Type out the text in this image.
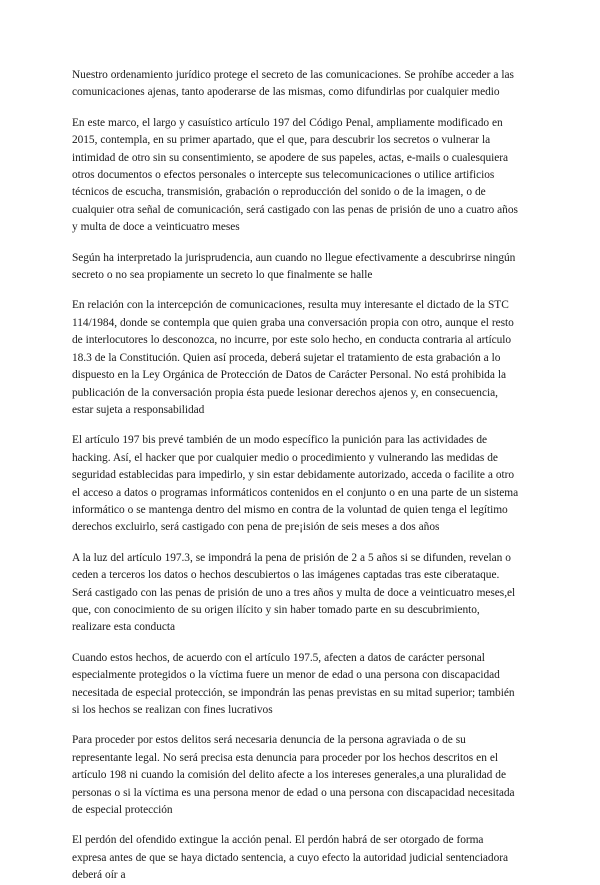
Nuestro ordenamiento jurídico protege el secreto de las comunicaciones. Se prohíbe acceder a las comunicaciones ajenas, tanto apoderarse de las mismas, como difundirlas por cualquier medio

En este marco, el largo y casuístico artículo 197 del Código Penal, ampliamente modificado en 2015, contempla, en su primer apartado, que el que, para descubrir los secretos o vulnerar la intimidad de otro sin su consentimiento, se apodere de sus papeles, actas, e-mails o cualesquiera otros documentos o efectos personales o intercepte sus telecomunicaciones o utilice artificios técnicos de escucha, transmisión, grabación o reproducción del sonido o de la imagen, o de cualquier otra señal de comunicación, será castigado con las penas de prisión de uno a cuatro años y multa de doce a veinticuatro meses

Según ha interpretado la jurisprudencia, aun cuando no llegue efectivamente a descubrirse ningún secreto o no sea propiamente un secreto lo que finalmente se halle

En relación con la intercepción de comunicaciones, resulta muy interesante el dictado de la STC 114/1984, donde se contempla que quien graba una conversación propia con otro, aunque el resto de interlocutores lo desconozca, no incurre, por este solo hecho, en conducta contraria al artículo 18.3 de la Constitución. Quien así proceda, deberá sujetar el tratamiento de esta grabación a lo dispuesto en la Ley Orgánica de Protección de Datos de Carácter Personal. No está prohibida la publicación de la conversación propia ésta puede lesionar derechos ajenos y, en consecuencia, estar sujeta a responsabilidad

El artículo 197 bis prevé también de un modo específico la punición para las actividades de hacking. Así, el hacker que por cualquier medio o procedimiento y vulnerando las medidas de seguridad establecidas para impedirlo, y sin estar debidamente autorizado, acceda o facilite a otro el acceso a datos o programas informáticos contenidos en el conjunto o en una parte de un sistema informático o se mantenga dentro del mismo en contra de la voluntad de quien tenga el legítimo derechos excluirlo, será castigado con pena de pre¡isión de seis meses a dos años

A la luz del artículo 197.3, se impondrá la pena de prisión de 2 a 5 años si se difunden, revelan o ceden a terceros los datos o hechos descubiertos o las imágenes captadas tras este ciberataque. Será castigado con las penas de prisión de uno a tres años y multa de doce a veinticuatro meses,el que, con conocimiento de su origen ilícito y sin haber tomado parte en su descubrimiento, realizare esta conducta

Cuando estos hechos, de acuerdo con el artículo 197.5, afecten a datos de carácter personal especialmente protegidos o la víctima fuere un menor de edad o una persona con discapacidad necesitada de especial protección, se impondrán las penas previstas en su mitad superior; también si los hechos se realizan con fines lucrativos

Para proceder por estos delitos será necesaria denuncia de la persona agraviada o de su representante legal. No será precisa esta denuncia para proceder por los hechos descritos en el artículo 198 ni cuando la comisión del delito afecte a los intereses generales,a una pluralidad de personas o si la víctima es una persona menor de edad o una persona con discapacidad necesitada de especial protección

El perdón del ofendido extingue la acción penal. El perdón habrá de ser otorgado de forma expresa antes de que se haya dictado sentencia, a cuyo efecto la autoridad judicial sentenciadora deberá oír a
